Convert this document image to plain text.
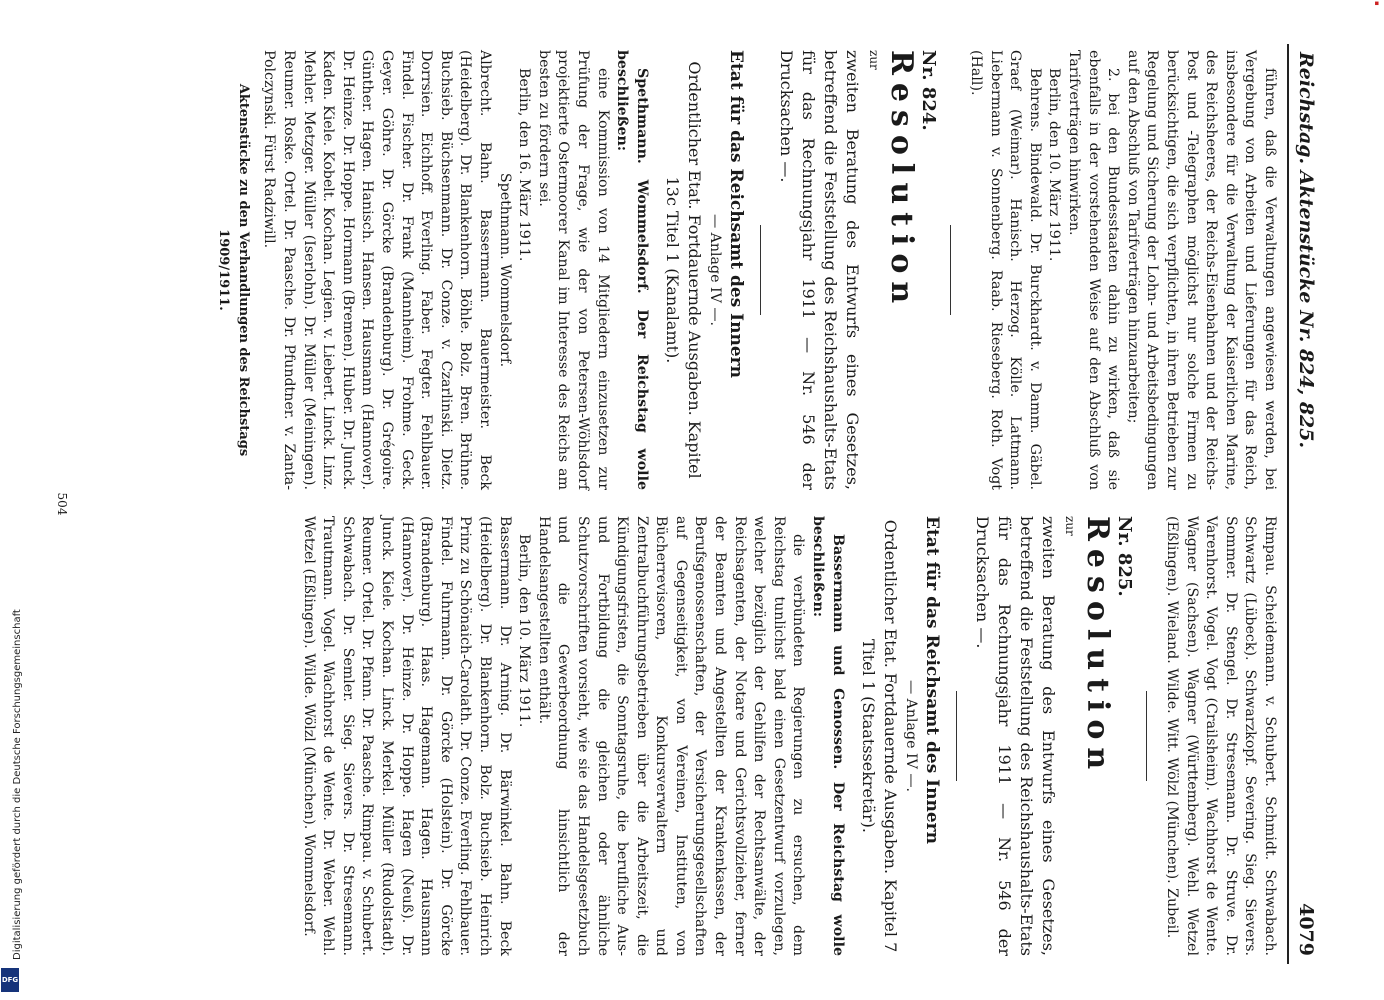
Digitalisierung gefördert durch die Deutsche Forschungsgemeinschaft
DFG
▪
Reichstag. Aktenstücke Nr. 824, 825.
4079

führen, daß die Verwaltungen angewiesen werden, bei Vergebung von Arbeiten und Lieferungen für das Reich, insbesondere für die Verwaltung der Kaiserlichen Marine, des Reichsheeres, der Reichs-Eisenbahnen und der Reichs-Post und -Telegraphen möglichst nur solche Firmen zu berücksichtigen, die sich verpflichten, in ihren Betrieben zur Regelung und Sicherung der Lohn- und Arbeitsbedingungen auf den Abschluß von Tarifverträgen hinzuarbeiten;

2. bei den Bundesstaaten dahin zu wirken, daß sie ebenfalls in der vorstehenden Weise auf den Abschluß von Tarifverträgen hinwirken.

Berlin, den 10. März 1911.

Behrens. Bindewald. Dr. Burckhardt. v. Damm. Gäbel. Graef (Weimar). Hanisch. Herzog. Kölle. Lattmann. Liebermann v. Sonnenberg. Raab. Rieseberg. Roth. Vogt (Hall).

Nr. 824.

Resolution

zur

zweiten Beratung des Entwurfs eines Gesetzes, betreffend die Feststellung des Reichshaushalts-Etats für das Rechnungsjahr 1911 — Nr. 546 der Drucksachen —.

Etat für das Reichsamt des Innern

— Anlage IV —.

Ordentlicher Etat. Fortdauernde Ausgaben. Kapitel 13c Titel 1 (Kanalamt).

Spethmann. Wommelsdorf. Der Reichstag wolle beschließen:

eine Kommission von 14 Mitgliedern einzusetzen zur Prüfung der Frage, wie der von Petersen-Wöhlsdorf projektierte Ostermoorer Kanal im Interesse des Reichs am besten zu fördern sei.

Berlin, den 16. März 1911.

Spethmann. Wommelsdorf.

Albrecht. Bahn. Bassermann. Bauermeister. Beck (Heidelberg). Dr. Blankenhorn. Böhle. Bolz. Bren. Brühne. Buchsieb. Büchsenmann. Dr. Conze. v. Czarlinski. Dietz. Dorrsien. Eichhoff. Everling. Faber. Fegter. Fehlbauer. Findel. Fischer. Dr. Frank (Mannheim). Frohme. Geck. Geyer. Göhre. Dr. Görcke (Brandenburg). Dr. Grégoire. Günther. Hagen. Hanisch. Hansen. Hausmann (Hannover). Dr. Heinze. Dr. Hoppe. Hormann (Bremen). Huber. Dr. Junck. Kaden. Kiele. Kobelt. Kochan. Legien. v. Liebert. Linck. Linz. Mehler. Metzger. Müller (Iserlohn). Dr. Müller (Meiningen). Reumer. Roske. Ortel. Dr. Paasche. Dr. Pfundtner. v. Zanta-Polczynski. Fürst Radziwill.

Aktenstücke zu den Verhandlungen des Reichstags 1909/1911.

Rimpau. Scheidemann. v. Schubert. Schmidt. Schwabach. Schwartz (Lübeck). Schwarzkopf. Severing. Sieg. Sievers. Sommer. Dr. Stengel. Dr. Stresemann. Dr. Struve. Dr. Varenhorst. Vogel. Vogt (Crailsheim). Wachhorst de Wente. Wagner (Sachsen). Wagner (Württemberg). Wehl. Wetzel (Eßlingen). Wieland. Wilde. Witt. Wölzl (München). Zubeil.

Nr. 825.

Resolution

zur

zweiten Beratung des Entwurfs eines Gesetzes, betreffend die Feststellung des Reichshaushalts-Etats für das Rechnungsjahr 1911 — Nr. 546 der Drucksachen —.

Etat für das Reichsamt des Innern

— Anlage IV —.

Ordentlicher Etat. Fortdauernde Ausgaben. Kapitel 7 Titel 1 (Staatssekretär).

Bassermann und Genossen. Der Reichstag wolle beschließen:

die verbündeten Regierungen zu ersuchen, dem Reichstag tunlichst bald einen Gesetzentwurf vorzulegen, welcher bezüglich der Gehilfen der Rechtsanwälte, der Reichsagenten, der Notare und Gerichtsvollzieher, ferner der Beamten und Angestellten der Krankenkassen, der Berufsgenossenschaften, der Versicherungsgesellschaften auf Gegenseitigkeit, von Vereinen, Instituten, von Bücherrevisoren, Konkursverwaltern und Zentralbuchführungsbetrieben über die Arbeitszeit, die Kündigungsfristen, die Sonntagsruhe, die berufliche Aus- und Fortbildung die gleichen oder ähnliche Schutzvorschriften vorsieht, wie sie das Handelsgesetzbuch und die Gewerbeordnung hinsichtlich der Handelsangestellten enthält.

Berlin, den 10. März 1911.

Bassermann. Dr. Arning. Dr. Bärwinkel. Bahn. Beck (Heidelberg). Dr. Blankenhorn. Bolz. Buchsieb. Heinrich Prinz zu Schönaich-Carolath. Dr. Conze. Everling. Fehlbauer. Findel. Fuhrmann. Dr. Görcke (Holstein). Dr. Görcke (Brandenburg). Haas. Hagemann. Hagen. Hausmann (Hannover). Dr. Heinze. Dr. Hoppe. Hagen (Neuß). Dr. Junck. Kiele. Kochan. Linck. Merkel. Müller (Rudolstadt). Reumer. Ortel. Dr. Pfann. Dr. Paasche. Rimpau. v. Schubert. Schwabach. Dr. Semler. Sieg. Sievers. Dr. Stresemann. Trautmann. Vogel. Wachhorst de Wente. Dr. Weber. Wehl. Wetzel (Eßlingen). Wilde. Wölzl (München). Wommelsdorf.

504
